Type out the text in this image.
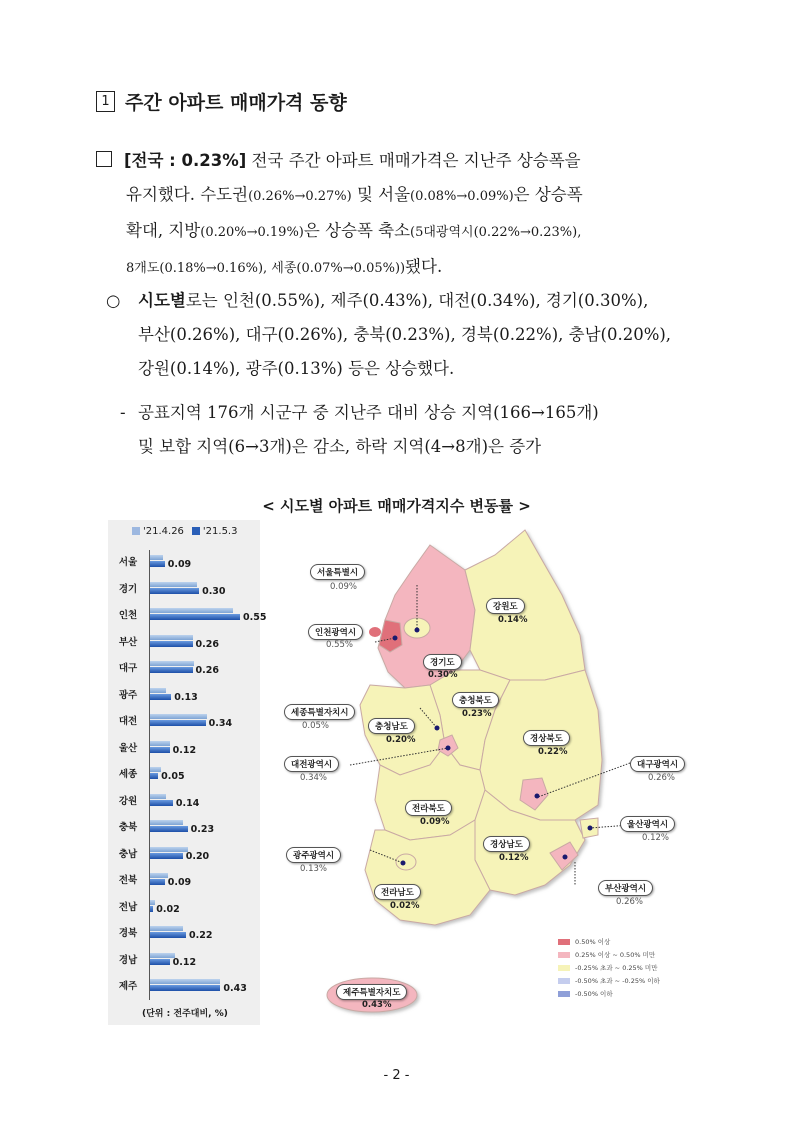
1 주간 아파트 매매가격 동향
[전국 : 0.23%] 전국 주간 아파트 매매가격은 지난주 상승폭을
유지했다. 수도권(0.26%→0.27%) 및 서울(0.08%→0.09%)은 상승폭
확대, 지방(0.20%→0.19%)은 상승폭 축소(5대광역시(0.22%→0.23%),
8개도(0.18%→0.16%), 세종(0.07%→0.05%))됐다.
○	시도별로는 인천(0.55%), 제주(0.43%), 대전(0.34%), 경기(0.30%),
부산(0.26%), 대구(0.26%), 충북(0.23%), 경북(0.22%), 충남(0.20%),
강원(0.14%), 광주(0.13%) 등은 상승했다.
- 공표지역 176개 시군구 중 지난주 대비 상승 지역(166→165개)
및 보합 지역(6→3개)은 감소, 하락 지역(4→8개)은 증가
< 시도별 아파트 매매가격지수 변동률 >
'21.4.26	'21.5.3
(단위 : 전주대비, %)
서울	0.09
경기	0.30
인천	0.55
부산	0.26
대구	0.26
광주	0.13
대전	0.34
울산	0.12
세종	0.05
강원	0.14
충북	0.23
충남	0.20
전북	0.09
전남	0.02
경북	0.22
경남	0.12
제주	0.43
서울특별시
0.09%
인천광역시
0.55%
강원도
0.14%
경기도
0.30%
충청북도
0.23%
세종특별자치시
0.05%	충청남도
0.20%	경상북도
0.22%
대전광역시
0.34%
대구광역시
0.26%
전라북도
0.09%	울산광역시
0.12%
경상남도
0.12%
광주광역시
0.13%
부산광역시
0.26%
전라남도
0.02%
제주특별자치도
0.43%
0.50% 이상
0.25% 이상 ~ 0.50% 미만
-0.25% 초과 ~ 0.25% 미만
-0.50% 초과 ~ -0.25% 이하
-0.50% 이하
- 2 -
